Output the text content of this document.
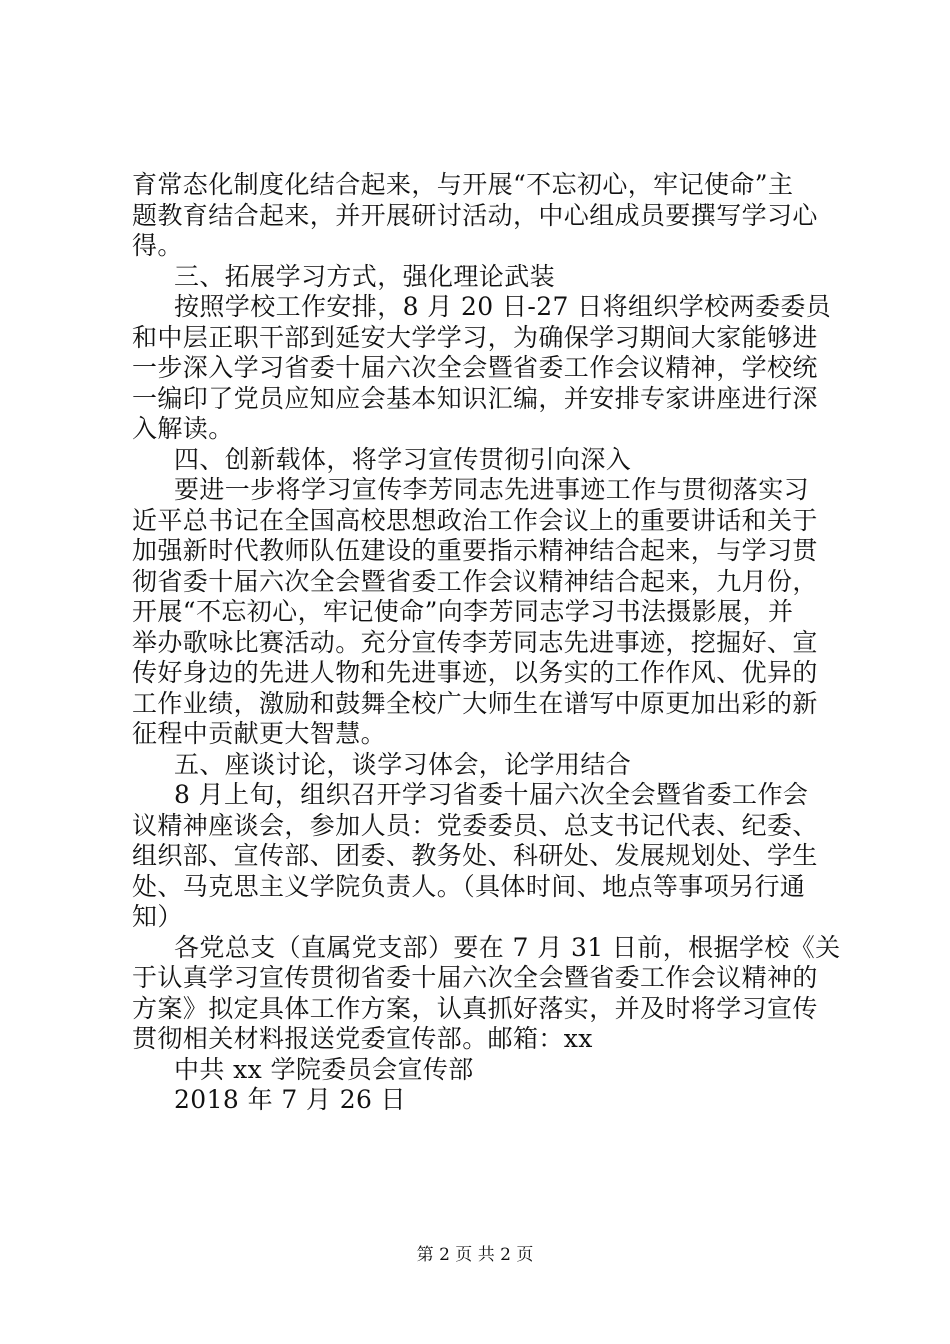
育常态化制度化结合起来，与开展“不忘初心，牢记使命”主
题教育结合起来，并开展研讨活动，中心组成员要撰写学习心
得。
三、拓展学习方式，强化理论武装
按照学校工作安排，8 月 20 日-27 日将组织学校两委委员
和中层正职干部到延安大学学习，为确保学习期间大家能够进
一步深入学习省委十届六次全会暨省委工作会议精神，学校统
一编印了党员应知应会基本知识汇编，并安排专家讲座进行深
入解读。
四、创新载体，将学习宣传贯彻引向深入
要进一步将学习宣传李芳同志先进事迹工作与贯彻落实习
近平总书记在全国高校思想政治工作会议上的重要讲话和关于
加强新时代教师队伍建设的重要指示精神结合起来，与学习贯
彻省委十届六次全会暨省委工作会议精神结合起来，九月份，
开展“不忘初心，牢记使命”向李芳同志学习书法摄影展，并
举办歌咏比赛活动。充分宣传李芳同志先进事迹，挖掘好、宣
传好身边的先进人物和先进事迹，以务实的工作作风、优异的
工作业绩，激励和鼓舞全校广大师生在谱写中原更加出彩的新
征程中贡献更大智慧。
五、座谈讨论，谈学习体会，论学用结合
8 月上旬，组织召开学习省委十届六次全会暨省委工作会
议精神座谈会，参加人员：党委委员、总支书记代表、纪委、
组织部、宣传部、团委、教务处、科研处、发展规划处、学生
处、马克思主义学院负责人。（具体时间、地点等事项另行通
知）
各党总支（直属党支部）要在 7 月 31 日前，根据学校《关
于认真学习宣传贯彻省委十届六次全会暨省委工作会议精神的
方案》拟定具体工作方案，认真抓好落实，并及时将学习宣传
贯彻相关材料报送党委宣传部。邮箱：xx
中共 xx 学院委员会宣传部
2018 年 7 月 26 日
第 2 页 共 2 页
